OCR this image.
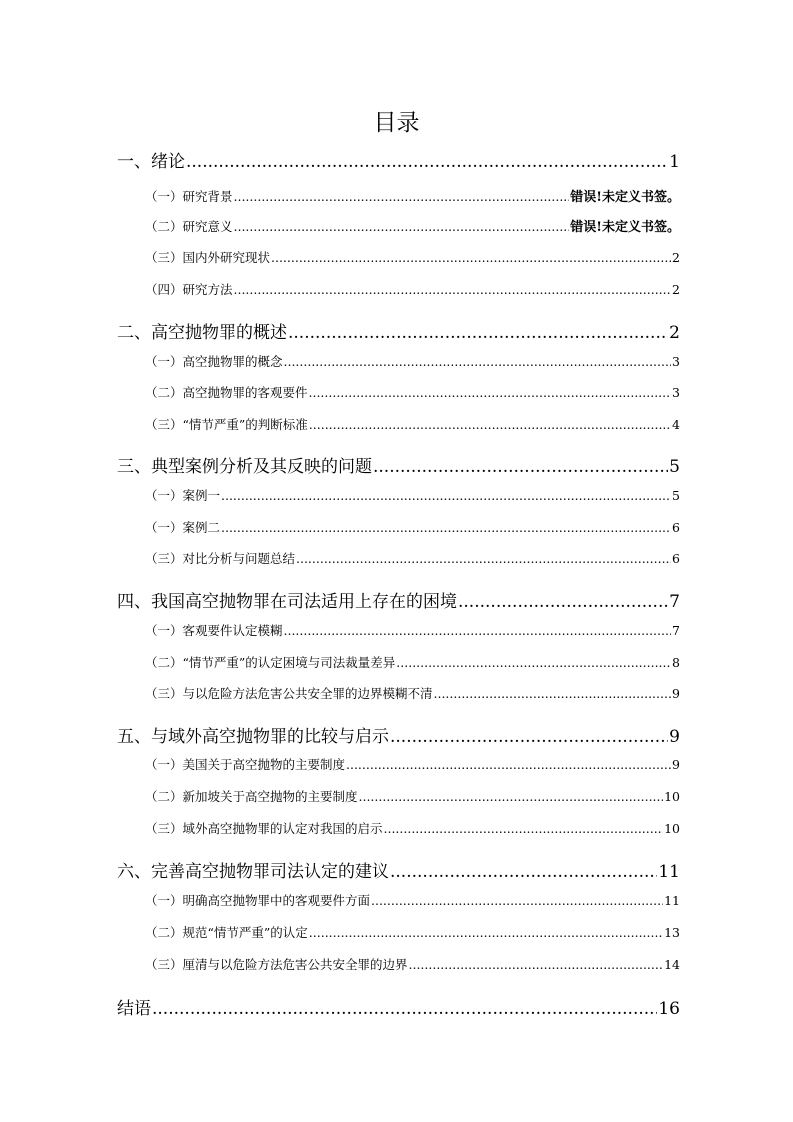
目录
一、绪论 .....	1
（一）研究背景 .....	错误!未定义书签。
（二）研究意义 .....	错误!未定义书签。
（三）国内外研究现状 .....	2
（四）研究方法 .....	2
二、高空抛物罪的概述 .....	2
（一）高空抛物罪的概念 .....	3
（二）高空抛物罪的客观要件 .....	3
（三）“情节严重”的判断标准 .....	4
三、典型案例分析及其反映的问题 .....	5
（一）案例一 .....	5
（一）案例二 .....	6
（三）对比分析与问题总结 .....	6
四、我国高空抛物罪在司法适用上存在的困境 .....	7
（一）客观要件认定模糊 .....	7
（二）“情节严重”的认定困境与司法裁量差异 .....	8
（三）与以危险方法危害公共安全罪的边界模糊不清 .....	9
五、与域外高空抛物罪的比较与启示 .....	9
（一）美国关于高空抛物的主要制度 .....	9
（二）新加坡关于高空抛物的主要制度 .....	10
（三）域外高空抛物罪的认定对我国的启示 .....	10
六、完善高空抛物罪司法认定的建议 .....	11
（一）明确高空抛物罪中的客观要件方面 .....	11
（二）规范“情节严重”的认定 .....	13
（三）厘清与以危险方法危害公共安全罪的边界 .....	14
结语 .....	16
